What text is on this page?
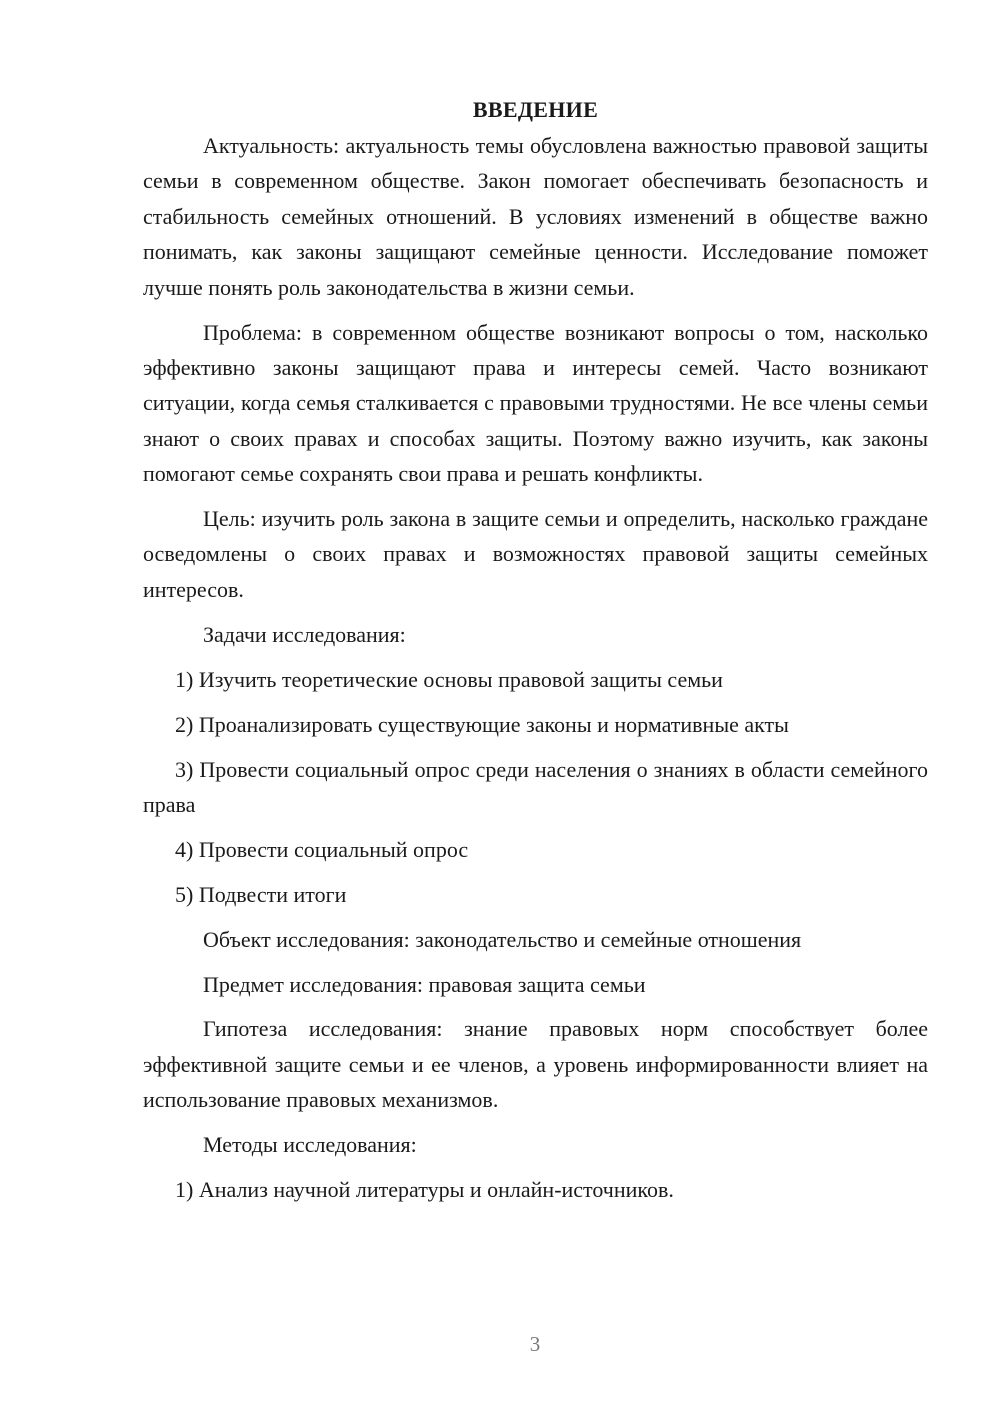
ВВЕДЕНИЕ

Актуальность: актуальность темы обусловлена важностью правовой защиты семьи в современном обществе. Закон помогает обеспечивать безопасность и стабильность семейных отношений. В условиях изменений в обществе важно понимать, как законы защищают семейные ценности. Исследование поможет лучше понять роль законодательства в жизни семьи.

Проблема: в современном обществе возникают вопросы о том, насколько эффективно законы защищают права и интересы семей. Часто возникают ситуации, когда семья сталкивается с правовыми трудностями. Не все члены семьи знают о своих правах и способах защиты. Поэтому важно изучить, как законы помогают семье сохранять свои права и решать конфликты.

Цель: изучить роль закона в защите семьи и определить, насколько граждане осведомлены о своих правах и возможностях правовой защиты семейных интересов.

Задачи исследования:

1) Изучить теоретические основы правовой защиты семьи

2) Проанализировать существующие законы и нормативные акты

3) Провести социальный опрос среди населения о знаниях в области семейного права

4) Провести социальный опрос

5) Подвести итоги

Объект исследования: законодательство и семейные отношения

Предмет исследования: правовая защита семьи

Гипотеза исследования: знание правовых норм способствует более эффективной защите семьи и ее членов, а уровень информированности влияет на использование правовых механизмов.

Методы исследования:

1) Анализ научной литературы и онлайн-источников.

3
